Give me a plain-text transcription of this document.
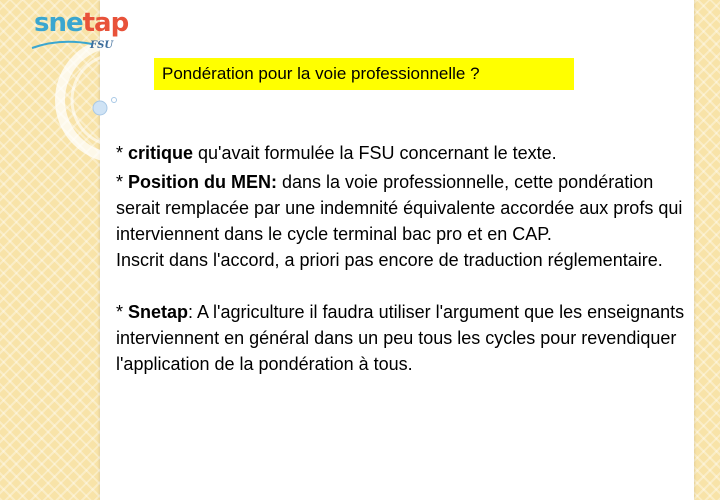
snetap
FSU
Pondération pour la voie professionnelle ?

* critique qu'avait formulée la FSU concernant le texte.

* Position du MEN: dans la voie professionnelle, cette pondération serait remplacée par une indemnité équivalente accordée aux profs qui interviennent dans le cycle terminal bac pro et en CAP.

Inscrit dans l'accord, a priori pas encore de traduction réglementaire.

* Snetap: A l'agriculture il faudra utiliser l'argument que les enseignants interviennent en général dans un peu tous les cycles pour revendiquer l'application de la pondération à tous.
